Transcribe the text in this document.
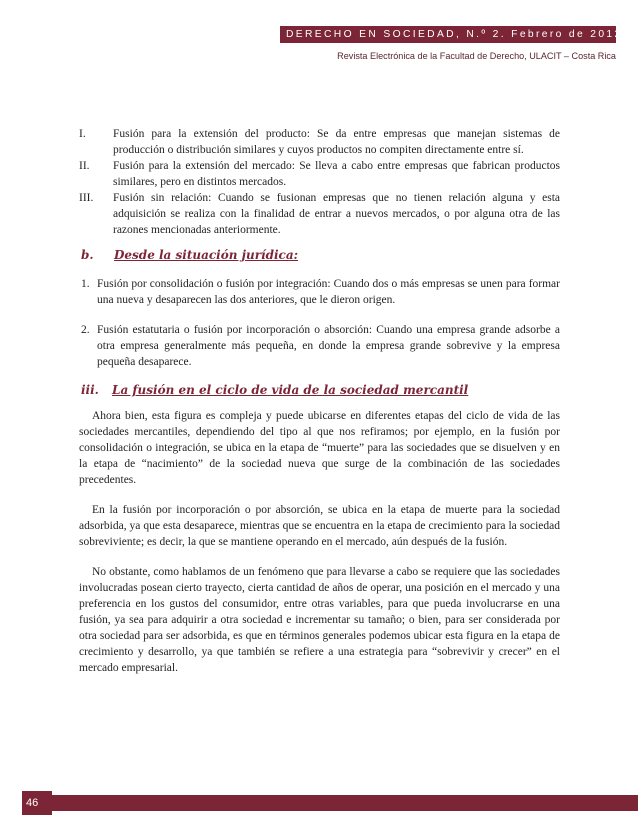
DERECHO EN SOCIEDAD, N.º 2. Febrero de 2012
Revista Electrónica de la Facultad de Derecho, ULACIT – Costa Rica
I. Fusión para la extensión del producto: Se da entre empresas que manejan sistemas de producción o distribución similares y cuyos productos no compiten directamente entre sí.
II. Fusión para la extensión del mercado: Se lleva a cabo entre empresas que fabrican productos similares, pero en distintos mercados.
III. Fusión sin relación: Cuando se fusionan empresas que no tienen relación alguna y esta adquisición se realiza con la finalidad de entrar a nuevos mercados, o por alguna otra de las razones mencionadas anteriormente.
b. Desde la situación jurídica:
1. Fusión por consolidación o fusión por integración: Cuando dos o más empresas se unen para formar una nueva y desaparecen las dos anteriores, que le dieron origen.
2. Fusión estatutaria o fusión por incorporación o absorción: Cuando una empresa grande adsorbe a otra empresa generalmente más pequeña, en donde la empresa grande sobrevive y la empresa pequeña desaparece.
iii. La fusión en el ciclo de vida de la sociedad mercantil

Ahora bien, esta figura es compleja y puede ubicarse en diferentes etapas del ciclo de vida de las sociedades mercantiles, dependiendo del tipo al que nos refiramos; por ejemplo, en la fusión por consolidación o integración, se ubica en la etapa de “muerte” para las sociedades que se disuelven y en la etapa de “nacimiento” de la sociedad nueva que surge de la combinación de las sociedades precedentes.

En la fusión por incorporación o por absorción, se ubica en la etapa de muerte para la sociedad adsorbida, ya que esta desaparece, mientras que se encuentra en la etapa de crecimiento para la sociedad sobreviviente; es decir, la que se mantiene operando en el mercado, aún después de la fusión.

No obstante, como hablamos de un fenómeno que para llevarse a cabo se requiere que las sociedades involucradas posean cierto trayecto, cierta cantidad de años de operar, una posición en el mercado y una preferencia en los gustos del consumidor, entre otras variables, para que pueda involucrarse en una fusión, ya sea para adquirir a otra sociedad e incrementar su tamaño; o bien, para ser considerada por otra sociedad para ser adsorbida, es que en términos generales podemos ubicar esta figura en la etapa de crecimiento y desarrollo, ya que también se refiere a una estrategia para “sobrevivir y crecer” en el mercado empresarial.

46
